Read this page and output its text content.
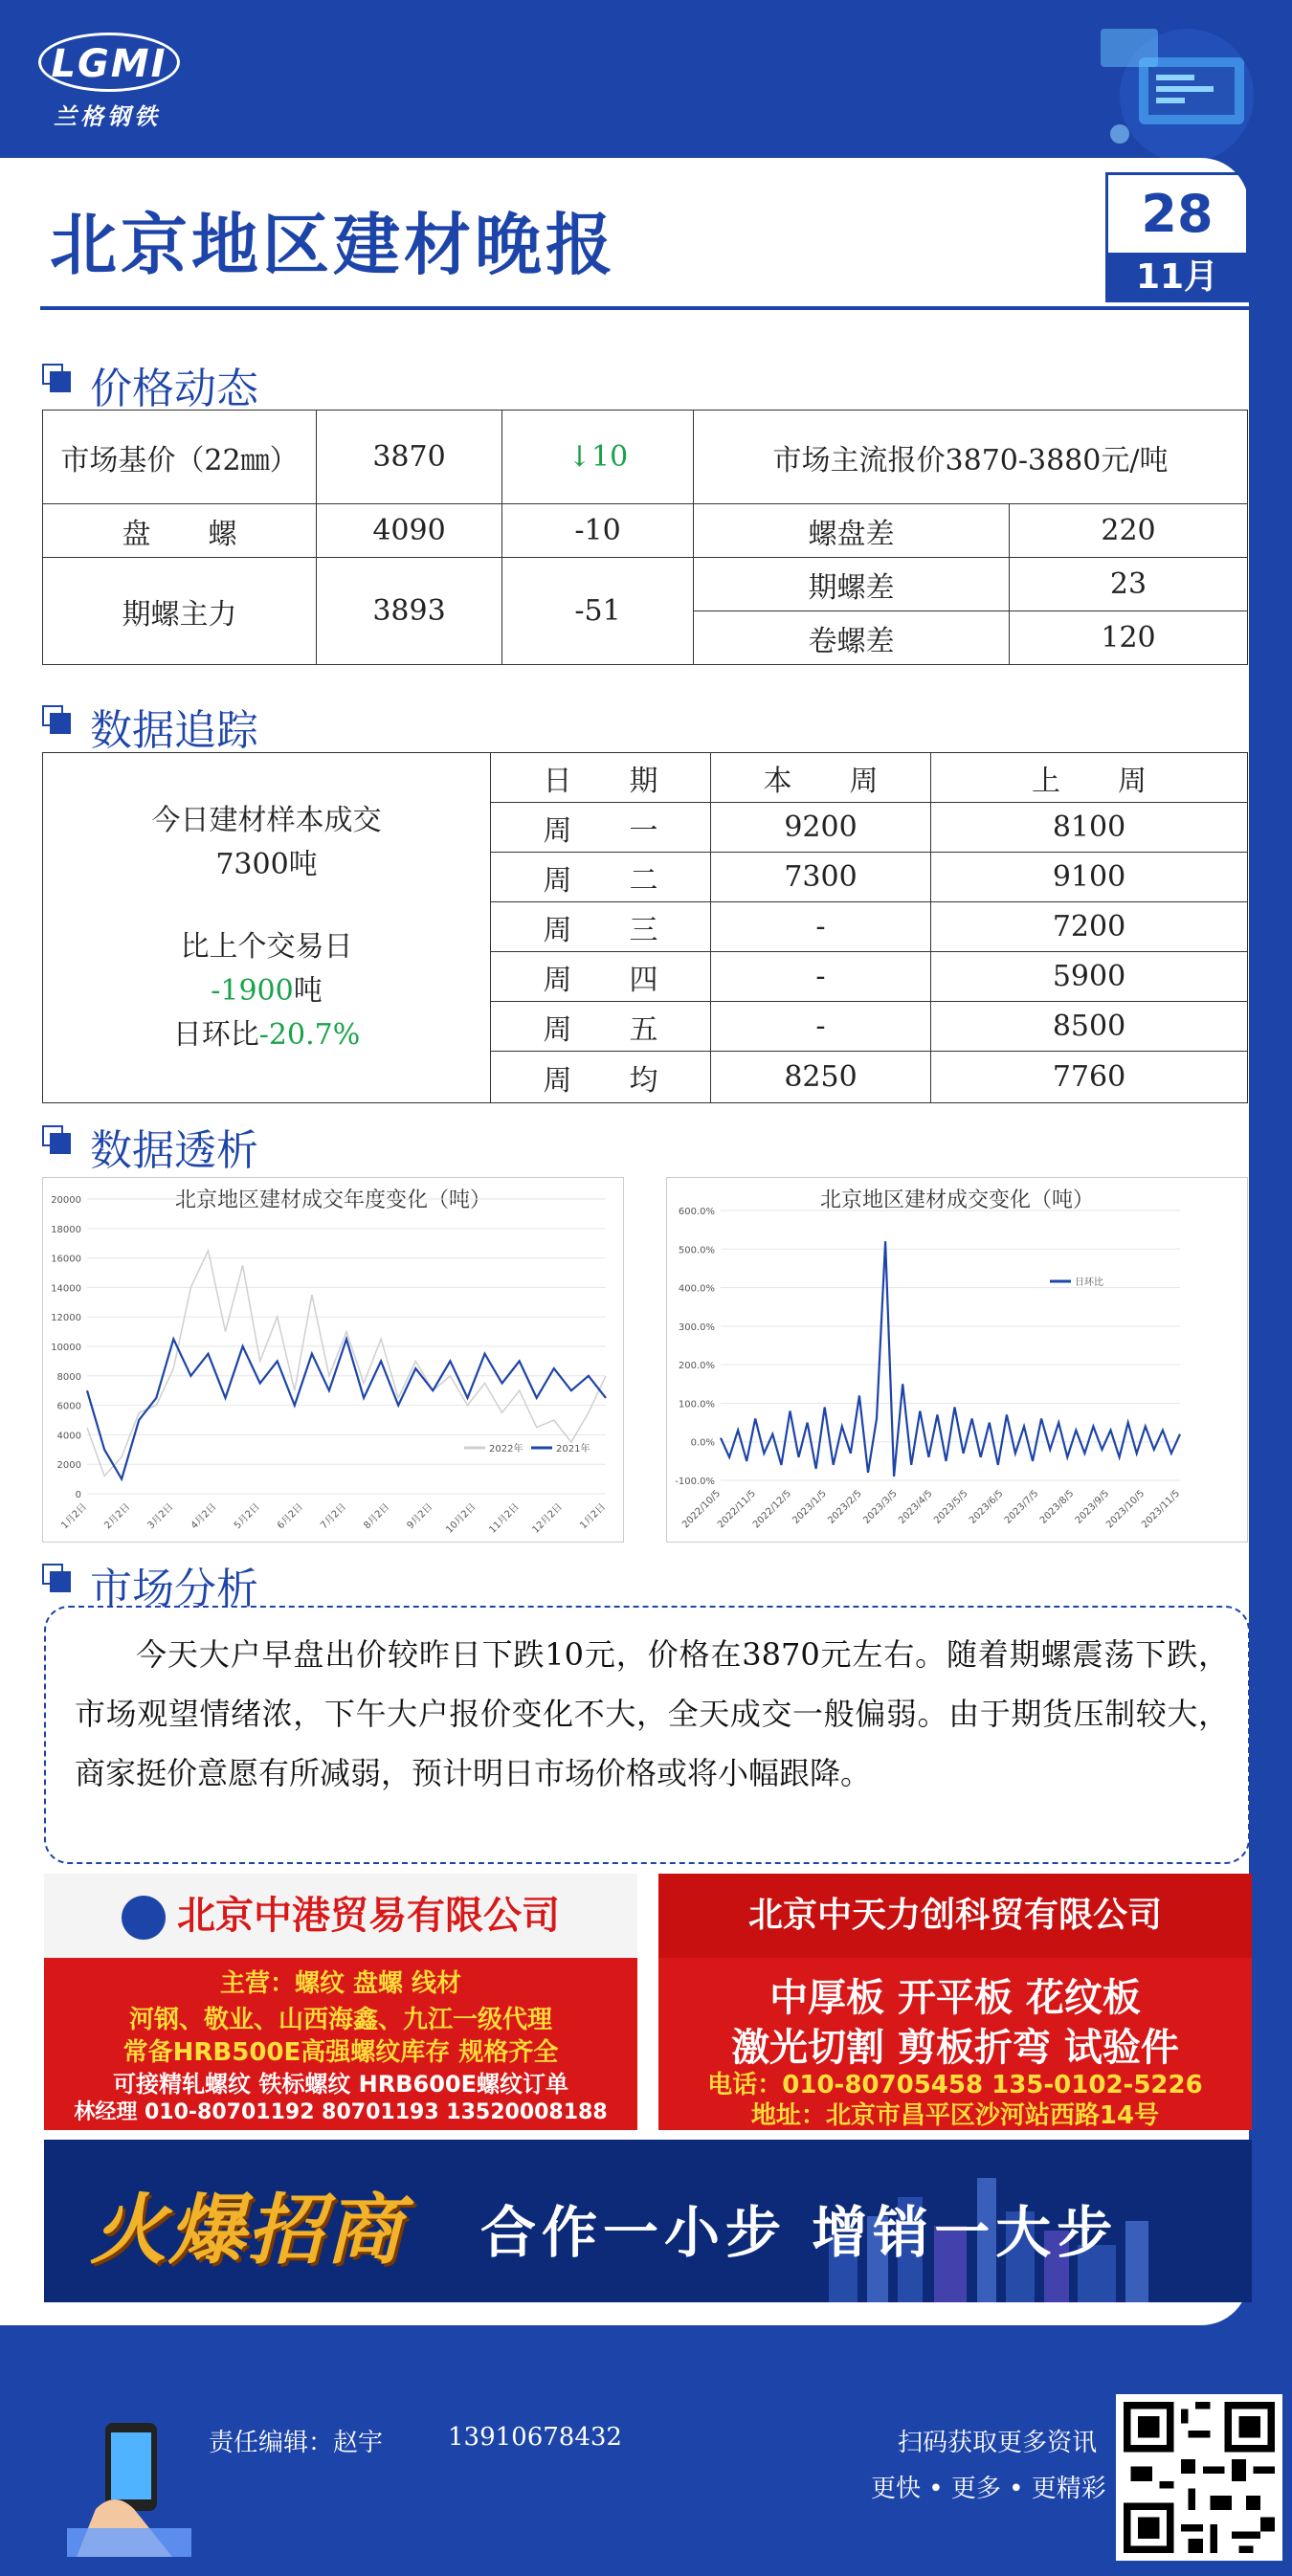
LGMI
兰格钢铁
北京地区建材晚报	28
11月
价格动态
市场基价（22㎜）	3870	↓10	市场主流报价3870-3880元/吨	
盘　　螺	4090	-10	螺盘差	220
期螺主力	3893	-51	期螺差	23
			卷螺差	120
数据追踪
今日建材样本成交
7300吨
比上个交易日
-1900吨
日环比-20.7%	日　　期	本　　周	上　　周
	周　　一	9200	8100
	周　　二	7300	9100
	周　　三	-	7200
	周　　四	-	5900
	周　　五	-	8500
	周　　均	8250	7760
数据透析
北京地区建材成交年度变化（吨）
20000
18000
16000
14000
12000
10000
8000
6000
4000
2000
0
1月2日 2月2日 3月2日 4月2日 5月2日 6月2日 7月2日 8月2日 9月2日 10月2日 11月2日 12月2日 1月2日
2022年	2021年
北京地区建材成交变化（吨）
600.0%
500.0%
400.0%
300.0%
200.0%
100.0%
0.0%
-100.0%
2022/10/5
2022/11/5
2022/12/5
2023/1/5
2023/2/5
2023/3/5
2023/4/5
2023/5/5
2023/6/5
2023/7/5
2023/8/5
2023/9/5
2023/10/5
2023/11/5
日环比
市场分析

今天大户早盘出价较昨日下跌10元，价格在3870元左右。随着期螺震荡下跌，市场观望情绪浓，下午大户报价变化不大，全天成交一般偏弱。由于期货压制较大，商家挺价意愿有所减弱，预计明日市场价格或将小幅跟降。

北京中港贸易有限公司
主营：螺纹 盘螺 线材
河钢、敬业、山西海鑫、九江一级代理
常备HRB500E高强螺纹库存 规格齐全
可接精轧螺纹 铁标螺纹 HRB600E螺纹订单
林经理 010-80701192 80701193 13520008188
北京中天力创科贸有限公司
中厚板 开平板 花纹板
激光切割 剪板折弯 试验件
电话：010-80705458 135-0102-5226
地址：北京市昌平区沙河站西路14号
火爆招商 合作一小步 增销一大步
责任编辑：赵宇	13910678432	扫码获取更多资讯
更快 • 更多 • 更精彩
